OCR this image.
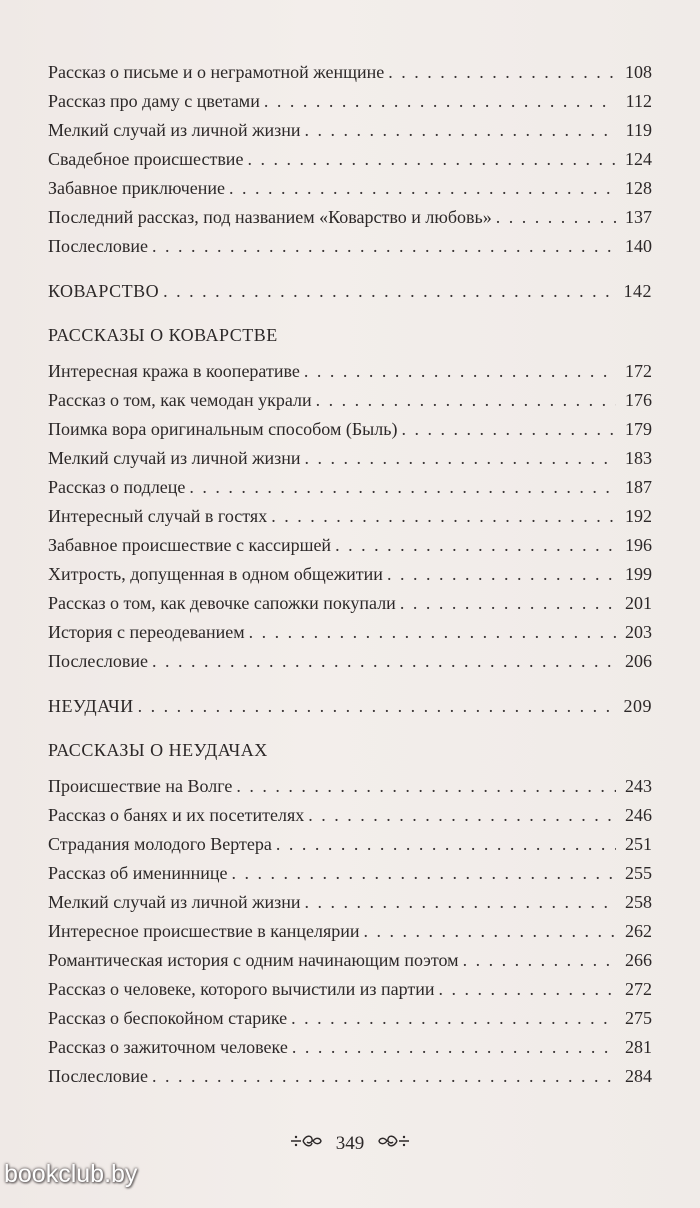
Рассказ о письме и о неграмотной женщине . . .	108
Рассказ про даму с цветами . . .	112
Мелкий случай из личной жизни . . .	119
Свадебное происшествие . . .	124
Забавное приключение . . .	128
Последний рассказ, под названием «Коварство и любовь» . . .	137
Послесловие . . .	140
КОВАРСТВО . . .	142
РАССКАЗЫ О КОВАРСТВЕ
Интересная кража в кооперативе . . .	172
Рассказ о том, как чемодан украли . . .	176
Поимка вора оригинальным способом (Быль) . . .	179
Мелкий случай из личной жизни . . .	183
Рассказ о подлеце . . .	187
Интересный случай в гостях . . .	192
Забавное происшествие с кассиршей . . .	196
Хитрость, допущенная в одном общежитии . . .	199
Рассказ о том, как девочке сапожки покупали . . .	201
История с переодеванием . . .	203
Послесловие . . .	206
НЕУДАЧИ . . .	209
РАССКАЗЫ О НЕУДАЧАХ
Происшествие на Волге . . .	243
Рассказ о банях и их посетителях . . .	246
Страдания молодого Вертера . . .	251
Рассказ об имениннице . . .	255
Мелкий случай из личной жизни . . .	258
Интересное происшествие в канцелярии . . .	262
Романтическая история с одним начинающим поэтом . . .	266
Рассказ о человеке, которого вычистили из партии . . .	272
Рассказ о беспокойном старике . . .	275
Рассказ о зажиточном человеке . . .	281
Послесловие . . .	284
349
bookclub.by
